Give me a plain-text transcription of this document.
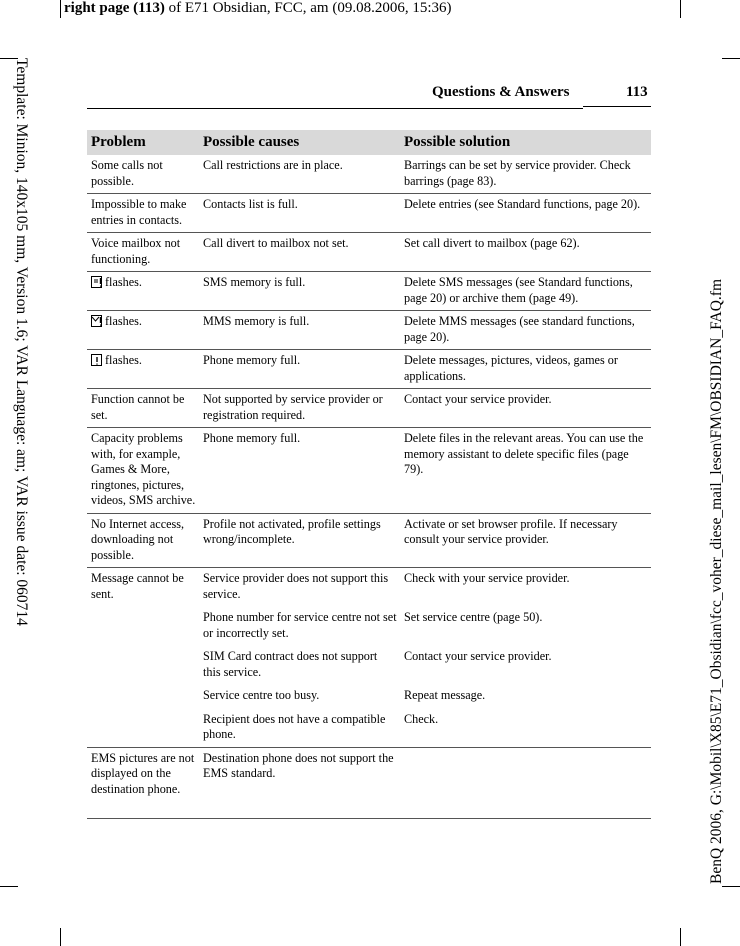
right page (113) of E71 Obsidian, FCC, am (09.08.2006, 15:36)
Template: Minion, 140x105 mm, Version 1.6; VAR Language: am; VAR issue date: 060714	BenQ 2006, G:\Mobil\X85\E71_Obsidian\fcc_voher_diese_mail_lesen\FM\OBSIDIAN_FAQ.fm
Questions & Answers	113
Problem	Possible causes	Possible solution
Some calls not possible.	Call restrictions are in place.	Barrings can be set by service provider. Check barrings (page 83).
Impossible to make entries in contacts.	Contacts list is full.	Delete entries (see Standard functions, page 20).
Voice mailbox not functioning.	Call divert to mailbox not set.	Set call divert to mailbox (page 62).

flashes.	SMS memory is full.	Delete SMS messages (see Standard functions, page 20) or archive them (page 49).

flashes.	MMS memory is full.	Delete MMS messages (see standard functions, page 20).

flashes.	Phone memory full.	Delete messages, pictures, videos, games or applications.
Function cannot be set.	Not supported by service provider or registration required.	Contact your service provider.
Capacity problems with, for example, Games & More, ringtones, pictures, videos, SMS archive.	Phone memory full.	Delete files in the relevant areas. You can use the memory assistant to delete specific files (page 79).
No Internet access, downloading not possible.	Profile not activated, profile settings wrong/incomplete.	Activate or set browser profile. If necessary consult your service provider.
Message cannot be sent.	Service provider does not support this service.	Check with your service provider.
	Phone number for service centre not set or incorrectly set.	Set service centre (page 50).
	SIM Card contract does not support this service.	Contact your service provider.
	Service centre too busy.	Repeat message.
	Recipient does not have a compatible phone.	Check.
EMS pictures are not displayed on the destination phone.	Destination phone does not support the EMS standard.	
